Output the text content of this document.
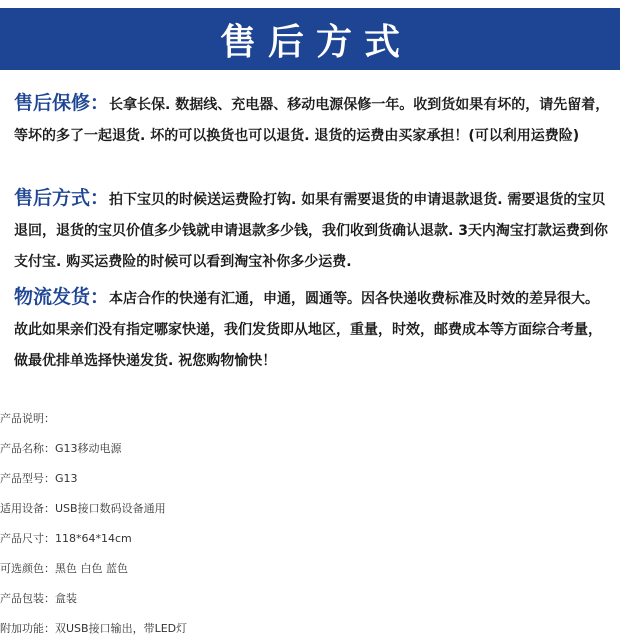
售后方式
售后保修：长拿长保. 数据线、充电器、移动电源保修一年。收到货如果有坏的，请先留着，等坏的多了一起退货. 坏的可以换货也可以退货. 退货的运费由买家承担！(可以利用运费险)
售后方式：拍下宝贝的时候送运费险打钩. 如果有需要退货的申请退款退货. 需要退货的宝贝退回，退货的宝贝价值多少钱就申请退款多少钱，我们收到货确认退款. 3天内淘宝打款运费到你支付宝. 购买运费险的时候可以看到淘宝补你多少运费.
物流发货：本店合作的快递有汇通，申通，圆通等。因各快递收费标准及时效的差异很大。故此如果亲们没有指定哪家快递，我们发货即从地区，重量，时效，邮费成本等方面综合考量，做最优排单选择快递发货. 祝您购物愉快！
产品说明：
产品名称：G13移动电源
产品型号：G13
适用设备：USB接口数码设备通用
产品尺寸：118*64*14cm
可选颜色：黑色 白色 蓝色
产品包装：盒装
附加功能：双USB接口输出，带LED灯
